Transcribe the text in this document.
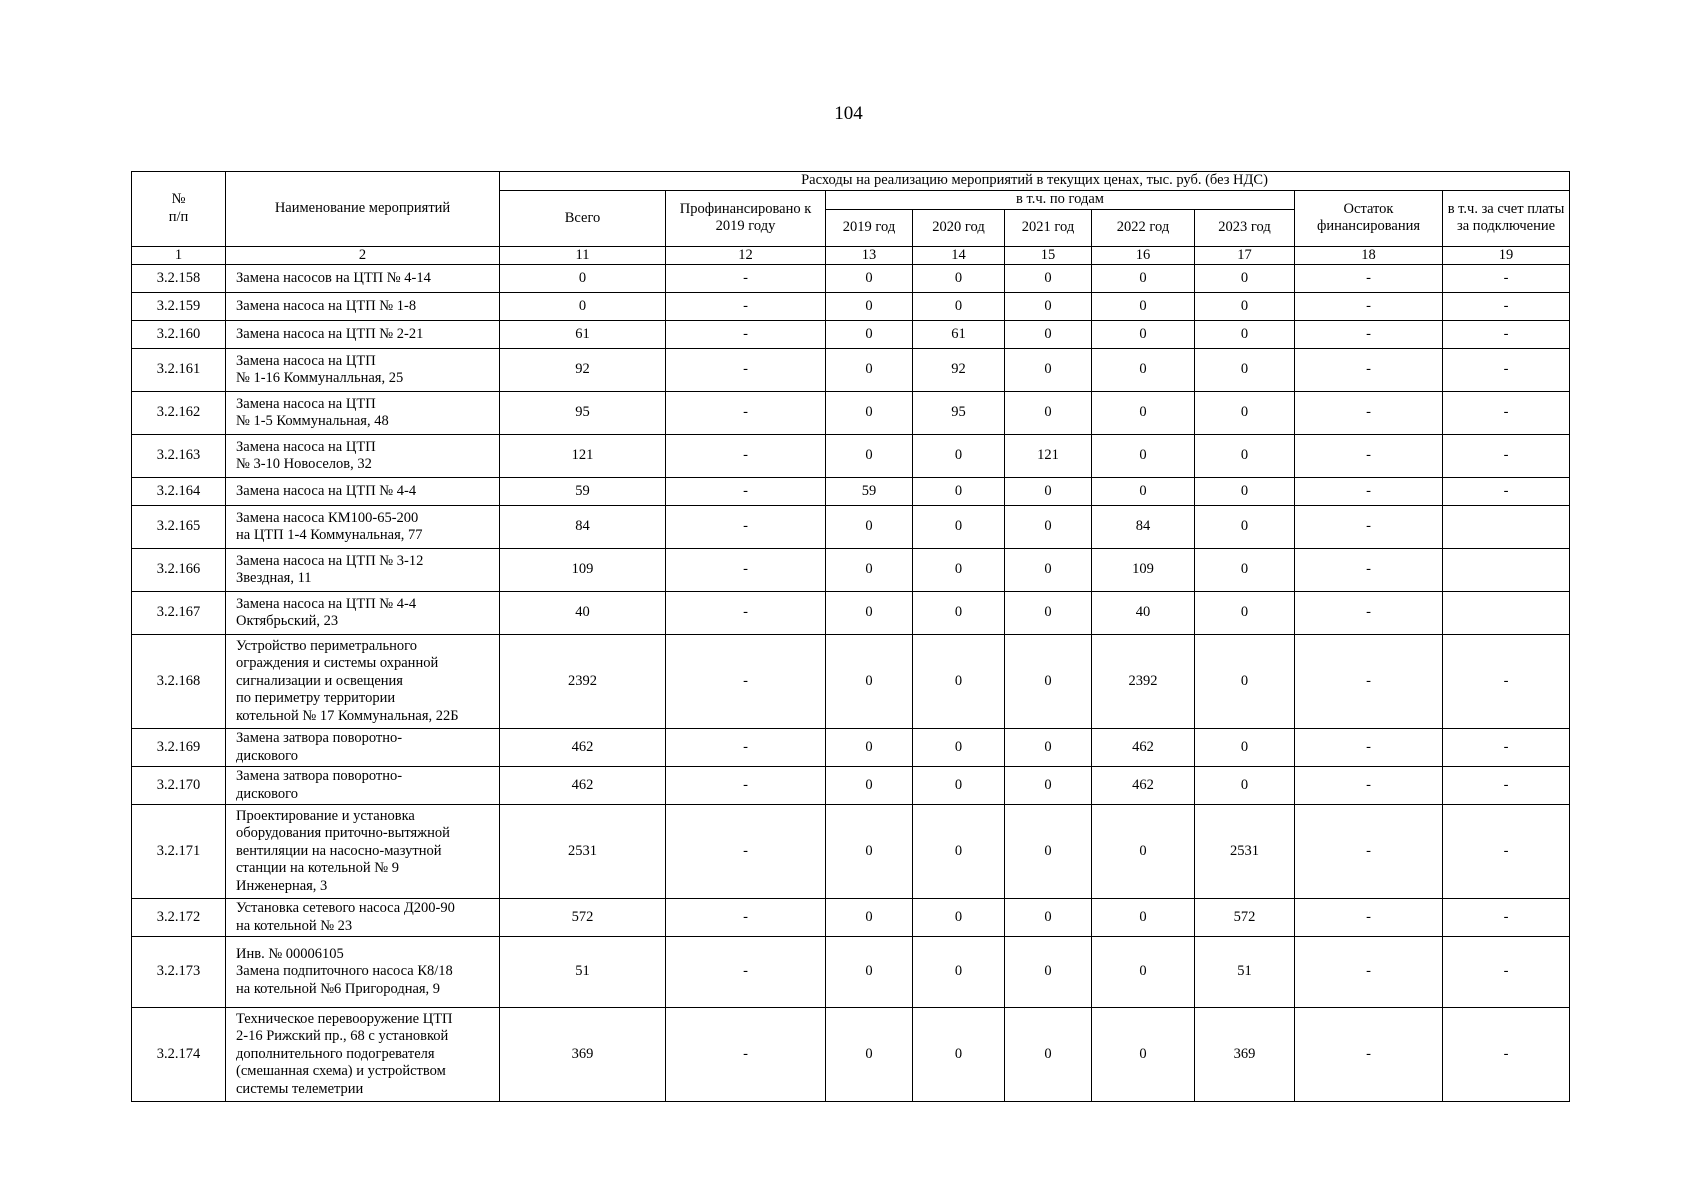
104
№
п/п	Наименование мероприятий	Расходы на реализацию мероприятий в текущих ценах, тыс. руб. (без НДС)								
		Всего	Профинансировано к 2019 году	в т.ч. по годам					Остаток финансирования	в т.ч. за счет платы за подключение
				2019 год	2020 год	2021 год	2022 год	2023 год		
1	2	11	12	13	14	15	16	17	18	19
3.2.158	Замена насосов на ЦТП № 4-14	0	-	0	0	0	0	0	-	-
3.2.159	Замена насоса на ЦТП № 1-8	0	-	0	0	0	0	0	-	-
3.2.160	Замена насоса на ЦТП № 2-21	61	-	0	61	0	0	0	-	-
3.2.161	Замена насоса на ЦТП
№ 1-16 Коммуналльная, 25	92	-	0	92	0	0	0	-	-
3.2.162	Замена насоса на ЦТП
№ 1-5 Коммунальная, 48	95	-	0	95	0	0	0	-	-
3.2.163	Замена насоса на ЦТП
№ 3-10 Новоселов, 32	121	-	0	0	121	0	0	-	-
3.2.164	Замена насоса на ЦТП № 4-4	59	-	59	0	0	0	0	-	-
3.2.165	Замена насоса КМ100-65-200
на ЦТП 1-4 Коммунальная, 77	84	-	0	0	0	84	0	-	
3.2.166	Замена насоса на ЦТП № 3-12
Звездная, 11	109	-	0	0	0	109	0	-	
3.2.167	Замена насоса на ЦТП № 4-4
Октябрьский, 23	40	-	0	0	0	40	0	-	
3.2.168	Устройство периметрального
ограждения и системы охранной
сигнализации и освещения
по периметру территории
котельной № 17 Коммунальная, 22Б	2392	-	0	0	0	2392	0	-	-
3.2.169	Замена затвора поворотно-
дискового	462	-	0	0	0	462	0	-	-
3.2.170	Замена затвора поворотно-
дискового	462	-	0	0	0	462	0	-	-
3.2.171	Проектирование и установка
оборудования приточно-вытяжной
вентиляции на насосно-мазутной
станции на котельной № 9
Инженерная, 3	2531	-	0	0	0	0	2531	-	-
3.2.172	Установка сетевого насоса Д200-90
на котельной № 23	572	-	0	0	0	0	572	-	-
3.2.173	Инв. № 00006105
Замена подпиточного насоса К8/18
на котельной №6 Пригородная, 9	51	-	0	0	0	0	51	-	-
3.2.174	Техническое перевооружение ЦТП
2-16 Рижский пр., 68 с установкой
дополнительного подогревателя
(смешанная схема) и устройством
системы телеметрии	369	-	0	0	0	0	369	-	-
